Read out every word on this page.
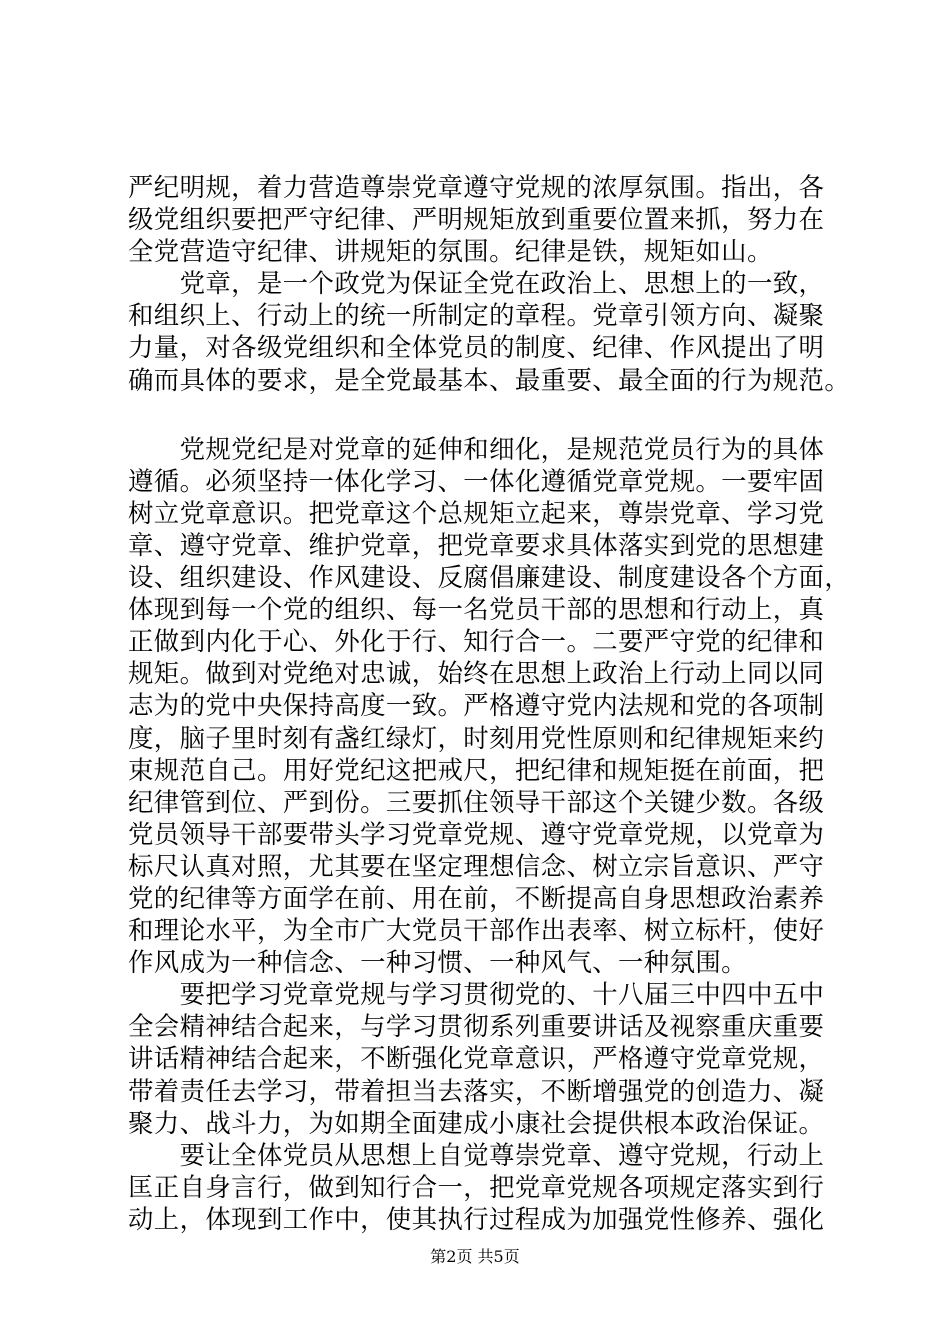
严纪明规，着力营造尊崇党章遵守党规的浓厚氛围。指出，各
级党组织要把严守纪律、严明规矩放到重要位置来抓，努力在
全党营造守纪律、讲规矩的氛围。纪律是铁，规矩如山。
　　党章，是一个政党为保证全党在政治上、思想上的一致，
和组织上、行动上的统一所制定的章程。党章引领方向、凝聚
力量，对各级党组织和全体党员的制度、纪律、作风提出了明
确而具体的要求，是全党最基本、最重要、最全面的行为规范。
　　党规党纪是对党章的延伸和细化，是规范党员行为的具体
遵循。必须坚持一体化学习、一体化遵循党章党规。一要牢固
树立党章意识。把党章这个总规矩立起来，尊崇党章、学习党
章、遵守党章、维护党章，把党章要求具体落实到党的思想建
设、组织建设、作风建设、反腐倡廉建设、制度建设各个方面，
体现到每一个党的组织、每一名党员干部的思想和行动上，真
正做到内化于心、外化于行、知行合一。二要严守党的纪律和
规矩。做到对党绝对忠诚，始终在思想上政治上行动上同以同
志为的党中央保持高度一致。严格遵守党内法规和党的各项制
度，脑子里时刻有盏红绿灯，时刻用党性原则和纪律规矩来约
束规范自己。用好党纪这把戒尺，把纪律和规矩挺在前面，把
纪律管到位、严到份。三要抓住领导干部这个关键少数。各级
党员领导干部要带头学习党章党规、遵守党章党规，以党章为
标尺认真对照，尤其要在坚定理想信念、树立宗旨意识、严守
党的纪律等方面学在前、用在前，不断提高自身思想政治素养
和理论水平，为全市广大党员干部作出表率、树立标杆，使好
作风成为一种信念、一种习惯、一种风气、一种氛围。
　　要把学习党章党规与学习贯彻党的、十八届三中四中五中
全会精神结合起来，与学习贯彻系列重要讲话及视察重庆重要
讲话精神结合起来，不断强化党章意识，严格遵守党章党规，
带着责任去学习，带着担当去落实，不断增强党的创造力、凝
聚力、战斗力，为如期全面建成小康社会提供根本政治保证。
　　要让全体党员从思想上自觉尊崇党章、遵守党规，行动上
匡正自身言行，做到知行合一，把党章党规各项规定落实到行
动上，体现到工作中，使其执行过程成为加强党性修养、强化
第2页 共5页
